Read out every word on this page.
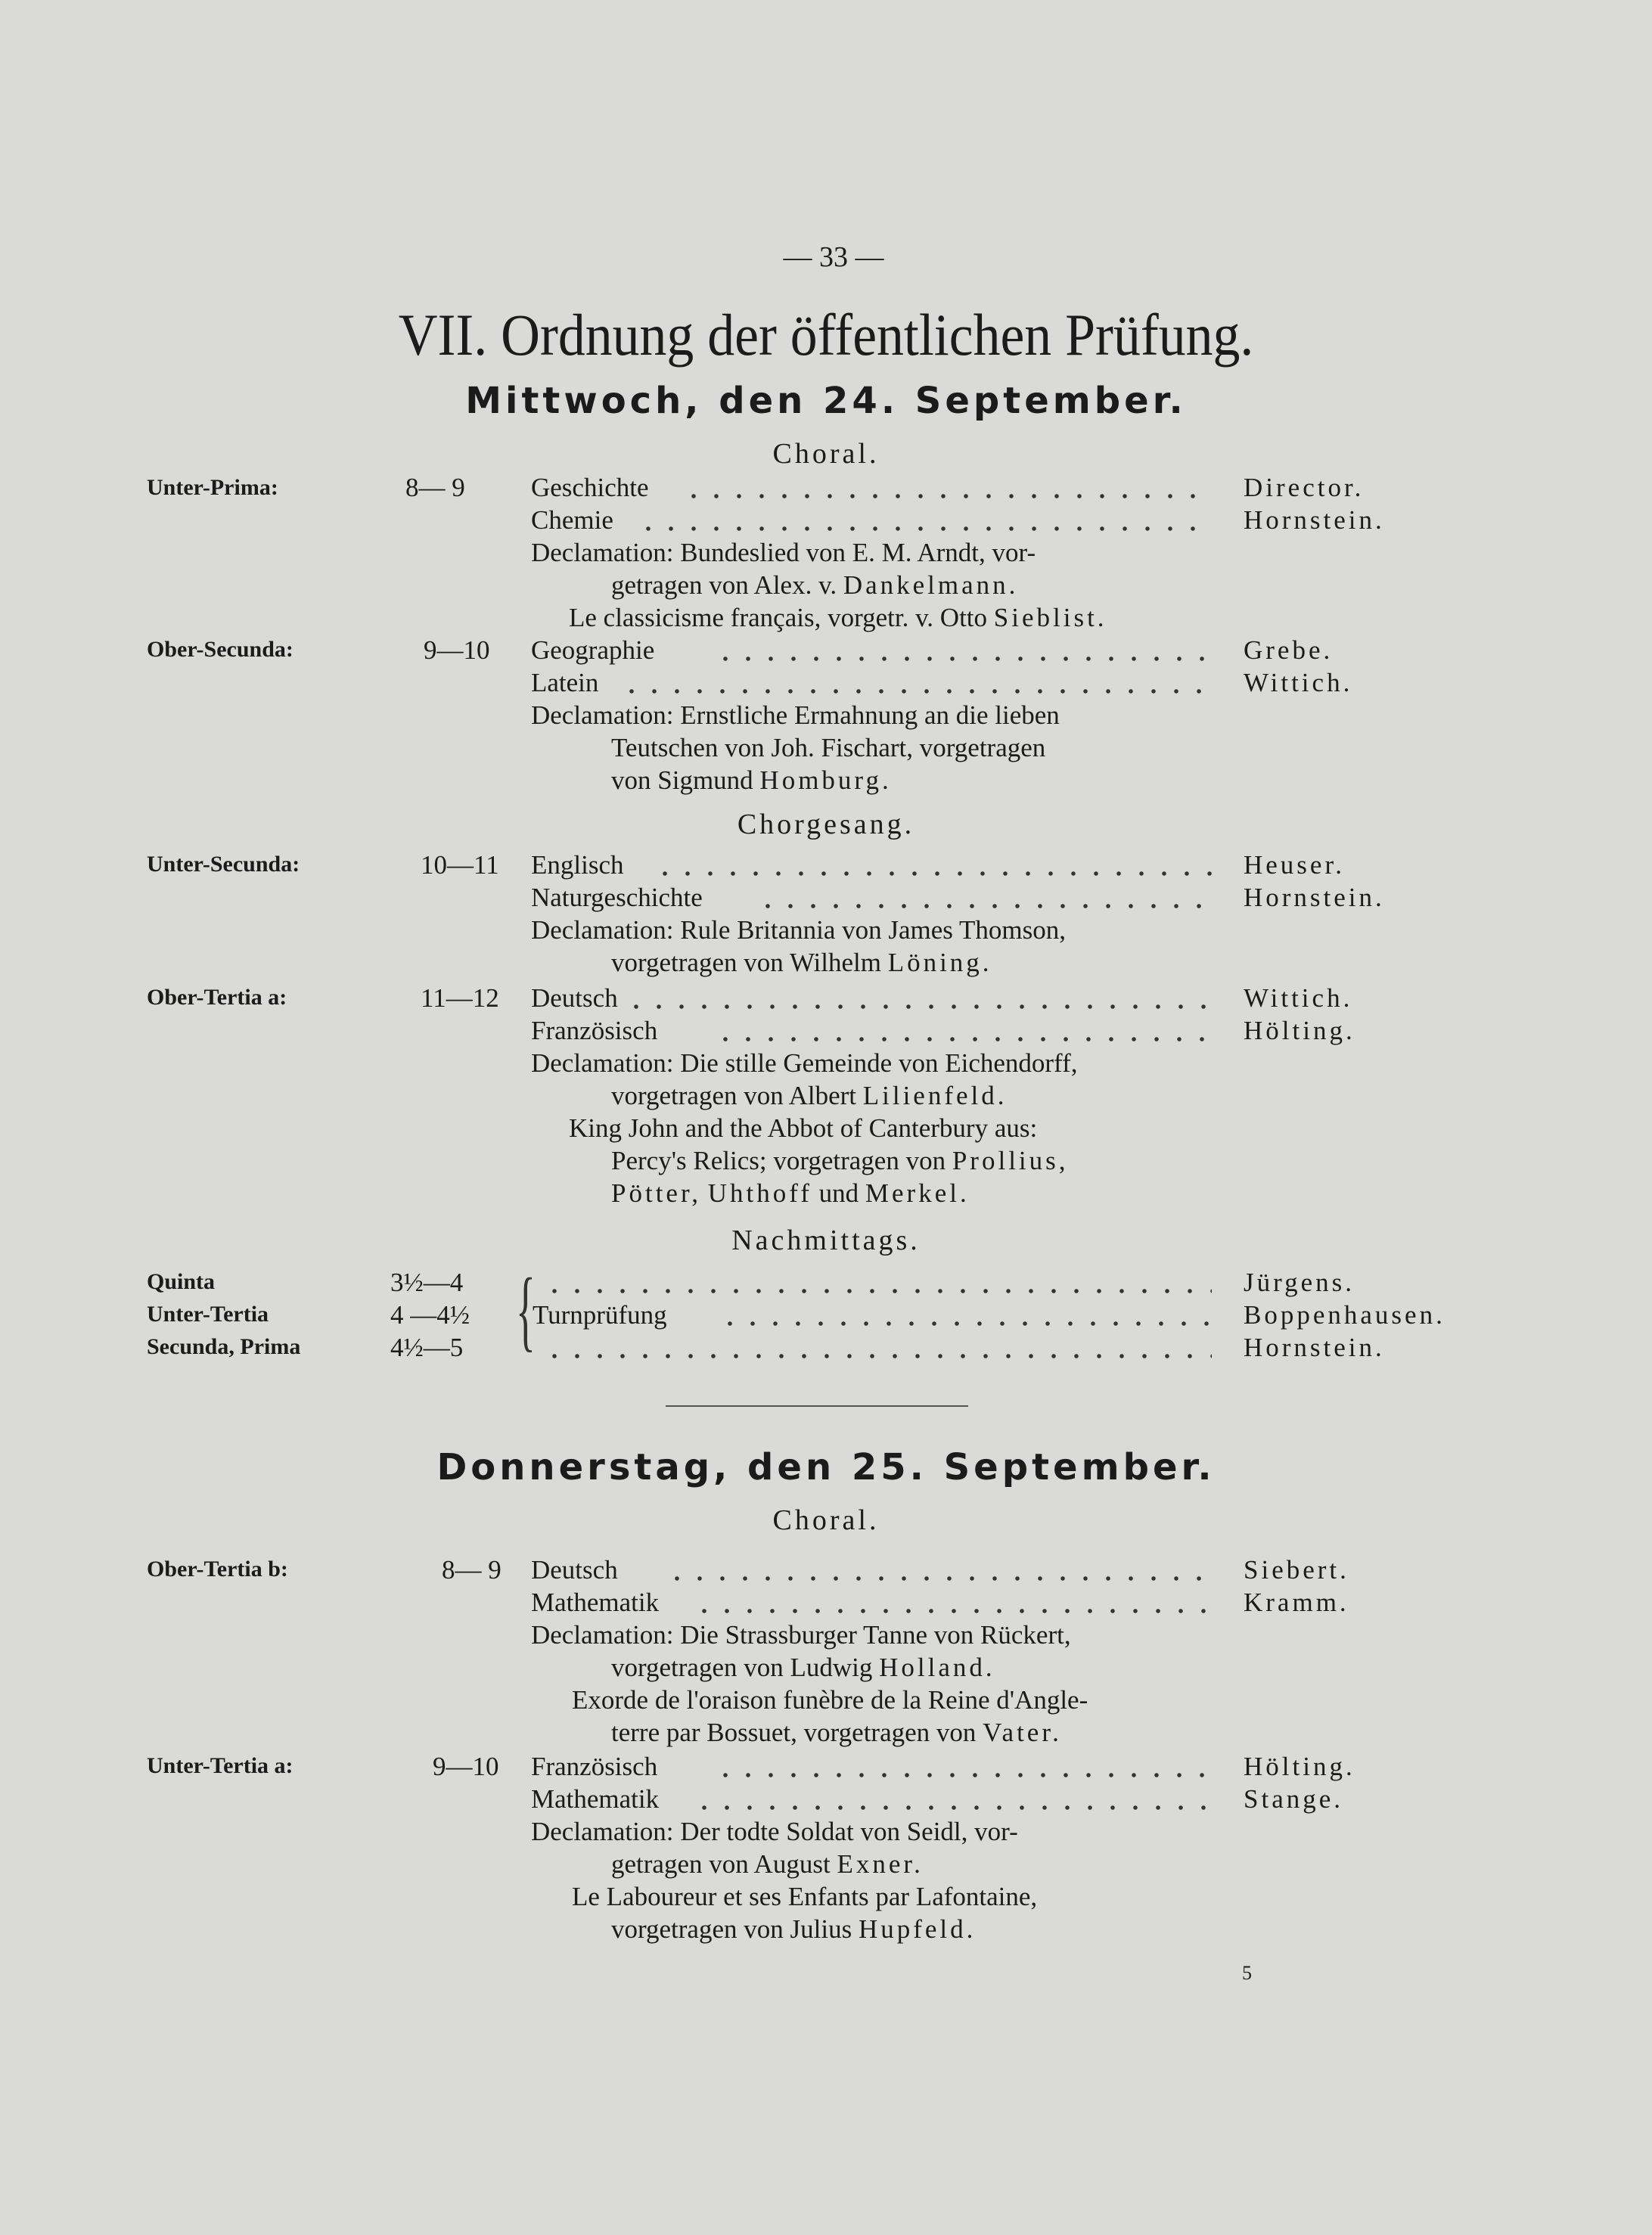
— 33 —
VII. Ordnung der öffentlichen Prüfung.
Mittwoch, den 24. September.
Choral.
Unter-Prima:	8— 9 Geschichte	Director.
Chemie	Hornstein.
Declamation: Bundeslied von E. M. Arndt, vor-
getragen von Alex. v. Dankelmann.
Le classicisme français, vorgetr. v. Otto Sieblist.
Ober-Secunda:	9—10 Geographie	Grebe.
Latein	Wittich.
Declamation: Ernstliche Ermahnung an die lieben
Teutschen von Joh. Fischart, vorgetragen
von Sigmund Homburg.
Chorgesang.
Unter-Secunda:	10—11 Englisch	Heuser.
Naturgeschichte	Hornstein.
Declamation: Rule Britannia von James Thomson,
vorgetragen von Wilhelm Löning.
Ober-Tertia a:	11—12 Deutsch	Wittich.
Französisch	Hölting.
Declamation: Die stille Gemeinde von Eichendorff,
vorgetragen von Albert Lilienfeld.
King John and the Abbot of Canterbury aus:
Percy's Relics; vorgetragen von Prollius,
Pötter, Uhthoff und Merkel.
Nachmittags.
Quinta	3½—4	Jürgens.
Unter-Tertia	4 —4½ Turnprüfung	Boppenhausen.
Secunda, Prima	4½—5	Hornstein.
{
Donnerstag, den 25. September.
Choral.
Ober-Tertia b:	8— 9 Deutsch	Siebert.
Mathematik	Kramm.
Declamation: Die Strassburger Tanne von Rückert,
vorgetragen von Ludwig Holland.
Exorde de l'oraison funèbre de la Reine d'Angle-
terre par Bossuet, vorgetragen von Vater.
Unter-Tertia a:	9—10 Französisch	Hölting.
Mathematik	Stange.
Declamation: Der todte Soldat von Seidl, vor-
getragen von August Exner.
Le Laboureur et ses Enfants par Lafontaine,
vorgetragen von Julius Hupfeld.
5
